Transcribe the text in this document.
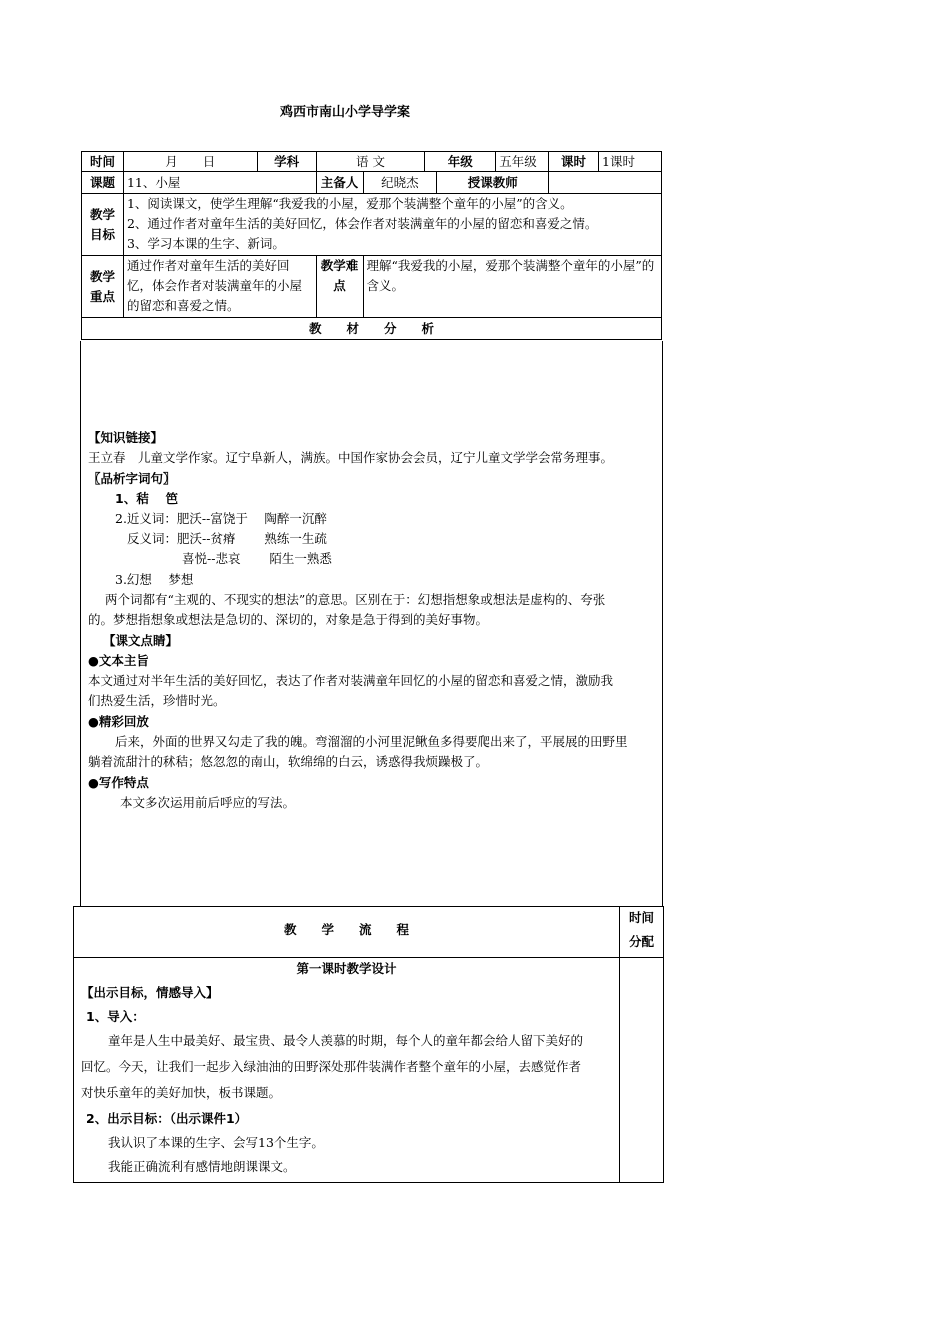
鸡西市南山小学导学案
时间	月　　日	学科	语 文		年级		五年级	课时	1课时
课题	11、小屋		主备人	纪晓杰		授课教师			
教学目标	1、阅读课文，使学生理解“我爱我的小屋，爱那个装满整个童年的小屋”的含义。
2、通过作者对童年生活的美好回忆，体会作者对装满童年的小屋的留恋和喜爱之情。
3、学习本课的生字、新词。								

教学重点	通过作者对童年生活的美好回忆，体会作者对装满童年的小屋的留恋和喜爱之情。		教学难点	理解“我爱我的小屋，爱那个装满整个童年的小屋”的含义。					
教　　材　　分　　析									
【知识链接】
王立春　儿童文学作家。辽宁阜新人，满族。中国作家协会会员，辽宁儿童文学学会常务理事。
〖品析字词句〗
1、秸　 笆
2.近义词：肥沃--富饶于　 陶醉一沉醉
反义词：肥沃--贫瘠　　 熟练一生疏
喜悦--悲哀　　 陌生一熟悉
3.幻想　 梦想
两个词都有“主观的、不现实的想法”的意思。区别在于：幻想指想象或想法是虚构的、夸张
的。梦想指想象或想法是急切的、深切的，对象是急于得到的美好事物。
【课文点睛】
●文本主旨
本文通过对半年生活的美好回忆，表达了作者对装满童年回忆的小屋的留恋和喜爱之情，激励我
们热爱生活，珍惜时光。
●精彩回放
后来，外面的世界又勾走了我的魄。弯溜溜的小河里泥鳅鱼多得要爬出来了，平展展的田野里
躺着流甜汁的秫秸；悠忽忽的南山，软绵绵的白云，诱惑得我烦躁极了。
●写作特点
本文多次运用前后呼应的写法。
教　　学　　流　　程
时间
分配
第一课时教学设计
【出示目标，情感导入】
1、导入：
童年是人生中最美好、最宝贵、最令人羡慕的时期，每个人的童年都会给人留下美好的
回忆。今天，让我们一起步入绿油油的田野深处那件装满作者整个童年的小屋，去感觉作者
对快乐童年的美好加快，板书课题。
2、出示目标：（出示课件1）
我认识了本课的生字、会写13个生字。
我能正确流利有感情地朗课课文。
